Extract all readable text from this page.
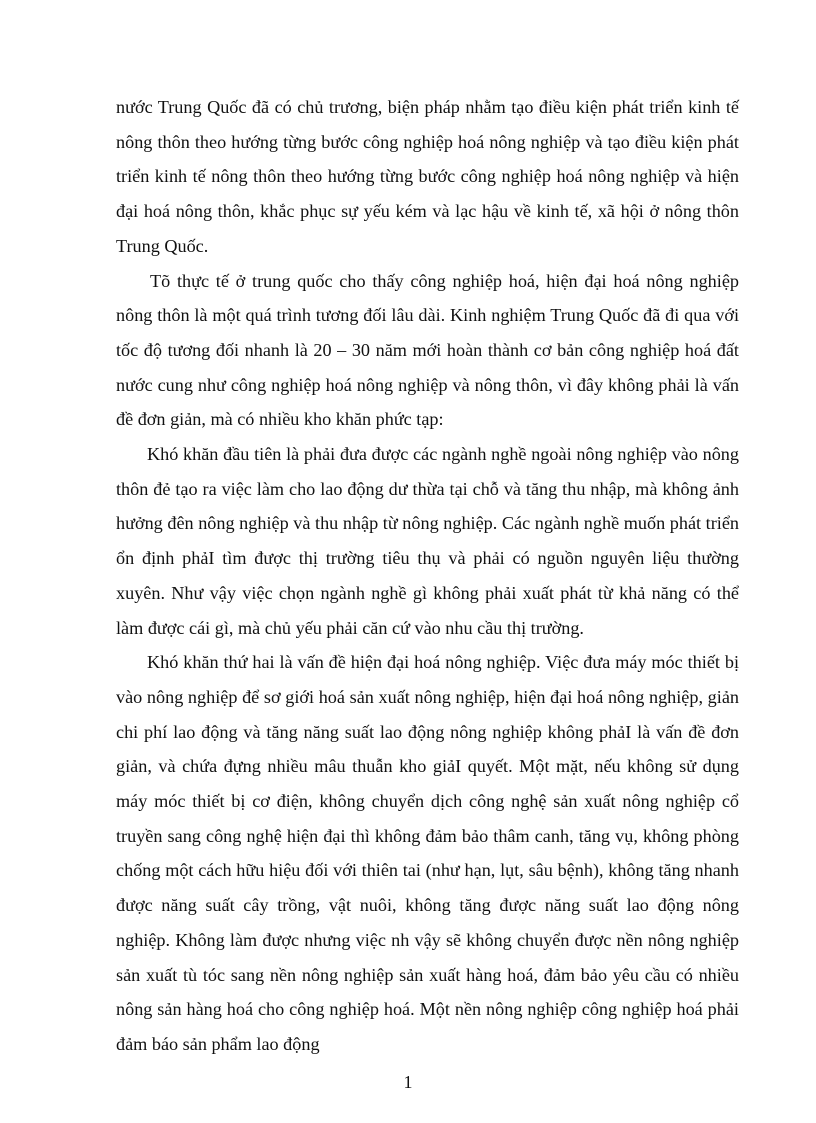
nước Trung Quốc đã có chủ trương, biện pháp nhằm tạo điều kiện phát triển kinh tế nông thôn theo hướng từng bước công nghiệp hoá nông nghiệp và tạo điều kiện phát triển kinh tế nông thôn theo hướng từng bước công nghiệp hoá nông nghiệp và hiện đại hoá nông thôn, khắc phục sự yếu kém và lạc hậu về kinh tế, xã hội ở nông thôn Trung Quốc.

Tõ thực tế ở trung quốc cho thấy công nghiệp hoá, hiện đại hoá nông nghiệp nông thôn là một quá trình tương đối lâu dài. Kinh nghiệm Trung Quốc đã đi qua với tốc độ tương đối nhanh là 20 – 30 năm mới hoàn thành cơ bản công nghiệp hoá đất nước cung như công nghiệp hoá nông nghiệp và nông thôn, vì đây không phải là vấn đề đơn giản, mà có nhiều kho khăn phức tạp:

Khó khăn đầu tiên là phải đưa được các ngành nghề ngoài nông nghiệp vào nông thôn đẻ tạo ra việc làm cho lao động dư thừa tại chỗ và tăng thu nhập, mà không ảnh hưởng đên nông nghiệp và thu nhập từ nông nghiệp. Các ngành nghề muốn phát triển ổn định phảI tìm được thị trường tiêu thụ và phải có nguồn nguyên liệu thường xuyên. Như vậy việc chọn ngành nghề gì không phải xuất phát từ khả năng có thể làm được cái gì, mà chủ yếu phải căn cứ vào nhu cầu thị trường.

Khó khăn thứ hai là vấn đề hiện đại hoá nông nghiệp. Việc đưa máy móc thiết bị vào nông nghiệp để sơ giới hoá sản xuất nông nghiệp, hiện đại hoá nông nghiệp, giản chi phí lao động và tăng năng suất lao động nông nghiệp không phảI là vấn đề đơn giản, và chứa đựng nhiều mâu thuẫn kho giảI quyết. Một mặt, nếu không sử dụng máy móc thiết bị cơ điện, không chuyển dịch công nghệ sản xuất nông nghiệp cổ truyền sang công nghệ hiện đại thì không đảm bảo thâm canh, tăng vụ, không phòng chống một cách hữu hiệu đối với thiên tai (như hạn, lụt, sâu bệnh), không tăng nhanh được năng suất cây trồng, vật nuôi, không tăng được năng suất lao động nông nghiệp. Không làm được nhưng việc nh vậy sẽ không chuyển được nền nông nghiệp sản xuất tù tóc sang nền nông nghiệp sản xuất hàng hoá, đảm bảo yêu cầu có nhiều nông sản hàng hoá cho công nghiệp hoá. Một nền nông nghiệp công nghiệp hoá phải đảm báo sản phẩm lao động

1
